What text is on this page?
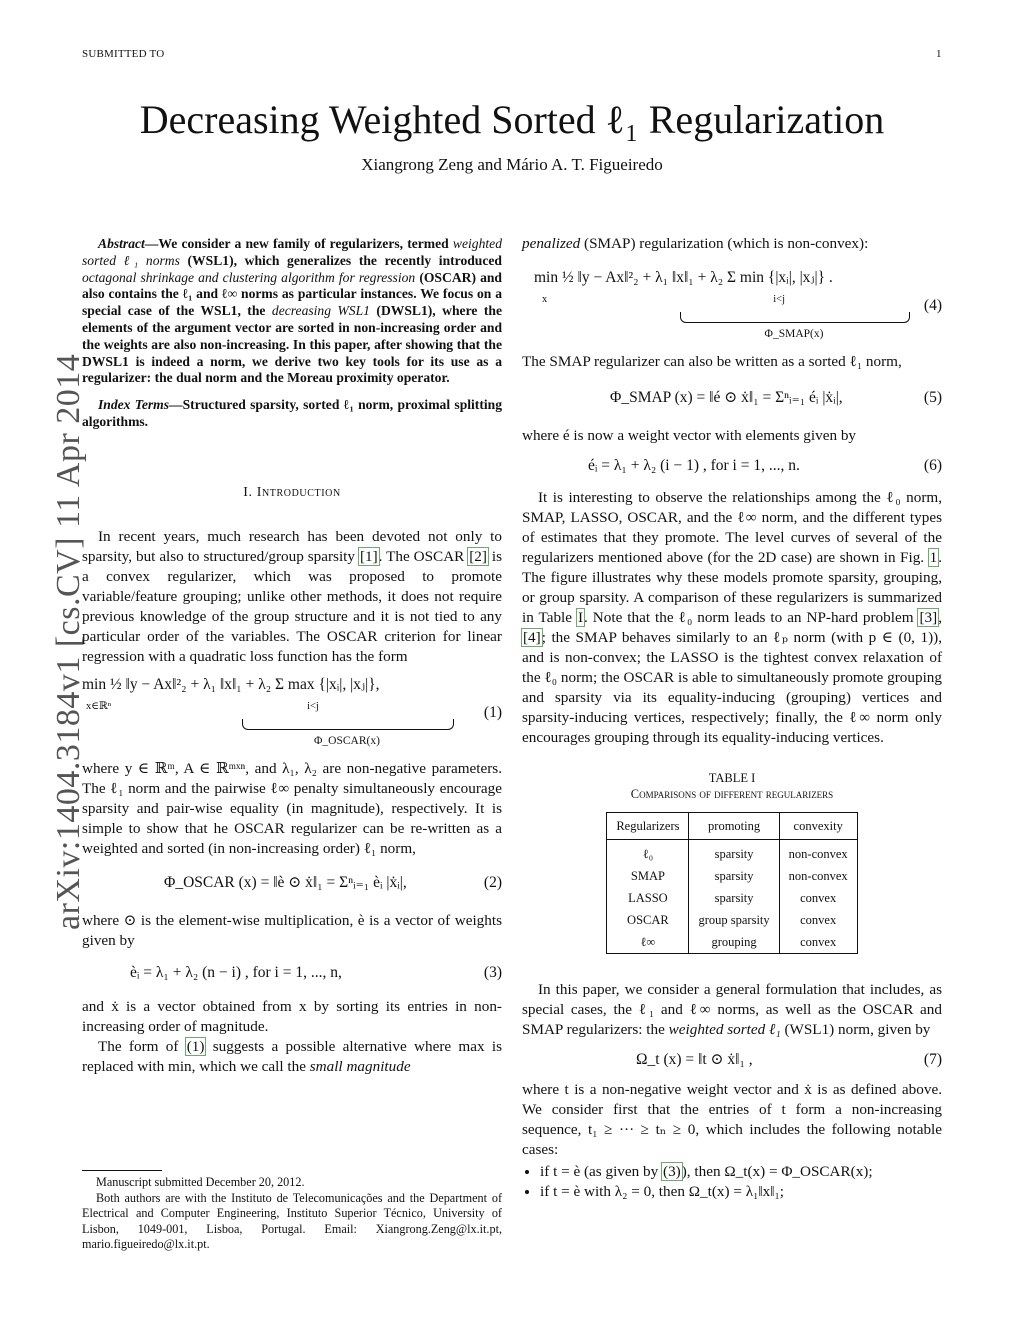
SUBMITTED TO	1
arXiv:1404.3184v1 [cs.CV] 11 Apr 2014
Decreasing Weighted Sorted ℓ₁ Regularization
Xiangrong Zeng and Mário A. T. Figueiredo

Abstract—We consider a new family of regularizers, termed weighted sorted ℓ₁ norms (WSL1), which generalizes the recently introduced octagonal shrinkage and clustering algorithm for regression (OSCAR) and also contains the ℓ₁ and ℓ∞ norms as particular instances. We focus on a special case of the WSL1, the decreasing WSL1 (DWSL1), where the elements of the argument vector are sorted in non-increasing order and the weights are also non-increasing. In this paper, after showing that the DWSL1 is indeed a norm, we derive two key tools for its use as a regularizer: the dual norm and the Moreau proximity operator.

Index Terms—Structured sparsity, sorted ℓ₁ norm, proximal splitting algorithms.

I. Introduction

In recent years, much research has been devoted not only to sparsity, but also to structured/group sparsity [1]. The OSCAR [2] is a convex regularizer, which was proposed to promote variable/feature grouping; unlike other methods, it does not require previous knowledge of the group structure and it is not tied to any particular order of the variables. The OSCAR criterion for linear regression with a quadratic loss function has the form

min ½ ‖y − Ax‖²₂ + λ₁ ‖x‖₁ + λ₂ Σ max {|xᵢ|, |xⱼ|},
x∈ℝⁿ	i<j
Φ_OSCAR(x)
(1)

where y ∈ ℝᵐ, A ∈ ℝᵐˣⁿ, and λ₁, λ₂ are non-negative parameters. The ℓ₁ norm and the pairwise ℓ∞ penalty simultaneously encourage sparsity and pair-wise equality (in magnitude), respectively. It is simple to show that he OSCAR regularizer can be re-written as a weighted and sorted (in non-increasing order) ℓ₁ norm,

Φ_OSCAR (x) = ‖è ⊙ ẋ‖₁ = Σⁿᵢ₌₁ èᵢ |ẋᵢ|,	(2)

where ⊙ is the element-wise multiplication, è is a vector of weights given by

èᵢ = λ₁ + λ₂ (n − i) , for i = 1, ..., n,	(3)

and ẋ is a vector obtained from x by sorting its entries in non-increasing order of magnitude.

The form of (1) suggests a possible alternative where max is replaced with min, which we call the small magnitude

Manuscript submitted December 20, 2012.

Both authors are with the Instituto de Telecomunicações and the Department of Electrical and Computer Engineering, Instituto Superior Técnico, University of Lisbon, 1049-001, Lisboa, Portugal. Email: Xiangrong.Zeng@lx.it.pt, mario.figueiredo@lx.it.pt.

penalized (SMAP) regularization (which is non-convex):

min ½ ‖y − Ax‖²₂ + λ₁ ‖x‖₁ + λ₂ Σ min {|xᵢ|, |xⱼ|} .
x	i<j
Φ_SMAP(x)
(4)

The SMAP regularizer can also be written as a sorted ℓ₁ norm,

Φ_SMAP (x) = ‖é ⊙ ẋ‖₁ = Σⁿᵢ₌₁ éᵢ |ẋᵢ|,	(5)

where é is now a weight vector with elements given by

éᵢ = λ₁ + λ₂ (i − 1) , for i = 1, ..., n.	(6)

It is interesting to observe the relationships among the ℓ₀ norm, SMAP, LASSO, OSCAR, and the ℓ∞ norm, and the different types of estimates that they promote. The level curves of several of the regularizers mentioned above (for the 2D case) are shown in Fig. 1. The figure illustrates why these models promote sparsity, grouping, or group sparsity. A comparison of these regularizers is summarized in Table I. Note that the ℓ₀ norm leads to an NP-hard problem [3], [4]; the SMAP behaves similarly to an ℓₚ norm (with p ∈ (0, 1)), and is non-convex; the LASSO is the tightest convex relaxation of the ℓ₀ norm; the OSCAR is able to simultaneously promote grouping and sparsity via its equality-inducing (grouping) vertices and sparsity-inducing vertices, respectively; finally, the ℓ∞ norm only encourages grouping through its equality-inducing vertices.

TABLE I
Comparisons of different regularizers
Regularizers	promoting	convexity

ℓ₀	sparsity	non-convex
SMAP	sparsity	non-convex
LASSO	sparsity	convex
OSCAR	group sparsity	convex
ℓ∞	grouping	convex

In this paper, we consider a general formulation that includes, as special cases, the ℓ₁ and ℓ∞ norms, as well as the OSCAR and SMAP regularizers: the weighted sorted ℓ₁ (WSL1) norm, given by

Ω_t (x) = ‖t ⊙ ẋ‖₁ ,	(7)

where t is a non-negative weight vector and ẋ is as defined above. We consider first that the entries of t form a non-increasing sequence, t₁ ≥ ··· ≥ tₙ ≥ 0, which includes the following notable cases:

• if t = è (as given by (3)), then Ω_t(x) = Φ_OSCAR(x);
• if t = è with λ₂ = 0, then Ω_t(x) = λ₁‖x‖₁;
